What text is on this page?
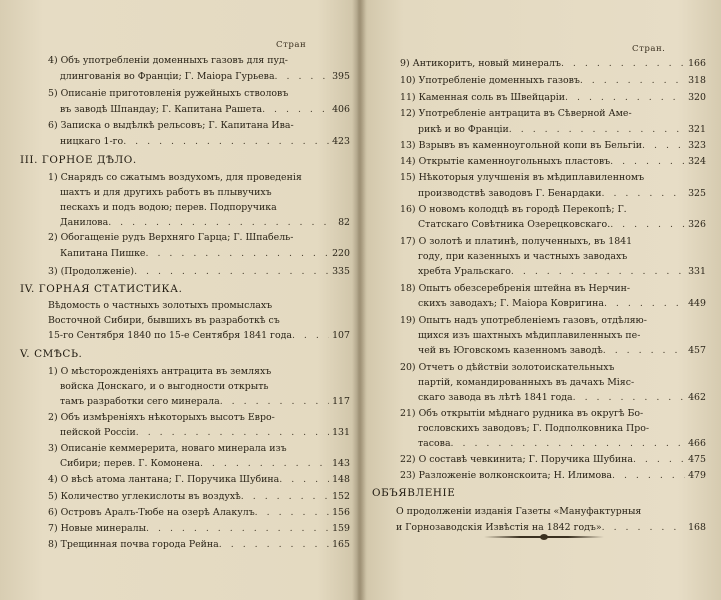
Стран
4) Объ употребленіи доменныхъ газовъ для пуд-
длингованія во Франціи; Г. Маіора Гурьева . . .	395
5) Описаніе приготовленія ружейныхъ стволовъ
въ заводѣ Шпандау; Г. Капитана Рашета . . .	406
6) Записка о выдѣлкѣ рельсовъ; Г. Капитана Ива-
ницкаго 1-го . . .	423
III. ГОРНОЕ ДѢЛО.
1) Снарядъ со сжатымъ воздухомъ, для проведенія
шахтъ и для другихъ работъ въ плывучихъ
пескахъ и подъ водою; перев. Подпоручика
Данилова . . .	82
2) Обогащеніе рудъ Верхняго Гарца; Г. Шпабель-
Капитана Пишке . . .	220
3) (Продолженіе) . . .	335
IV. ГОРНАЯ СТАТИСТИКА.
Вѣдомость о частныхъ золотыхъ промыслахъ
Восточной Сибири, бывшихъ въ разработкѣ съ
15-го Сентября 1840 по 15-е Сентября 1841 года . . .	107
V. СМѢСЬ.
1) О мѣсторожденіяхъ антрацита въ земляхъ
войска Донскаго, и о выгодности открыть
тамъ разработки сего минерала . . .	117
2) Объ измѣреніяхъ нѣкоторыхъ высотъ Евро-
пейской Россіи . . .	131
3) Описаніе кеммерерита, новаго минерала изъ
Сибири; перев. Г. Комонена . . .	143
4) О вѣсѣ атома лантана; Г. Поручика Шубина . . .	148
5) Количество углекислоты въ воздухѣ . . .	152
6) Островъ Аралъ-Тюбе на озерѣ Алакулъ . . .	156
7) Новые минералы . . .	159
8) Трещинная почва города Рейна . . .	165
Стран.
9) Антикоритъ, новый минералъ . . .	166
10) Употребленіе доменныхъ газовъ . . .	318
11) Каменная соль въ Швейцаріи . . .	320
12) Употребленіе антрацита въ Сѣверной Аме-
рикѣ и во Франціи . . .	321
13) Взрывъ въ каменноугольной копи въ Бельгіи . . .	323
14) Открытіе каменноугольныхъ пластовъ . . .	324
15) Нѣкоторыя улучшенія въ мѣдиплавиленномъ
производствѣ заводовъ Г. Бенардаки . . .	325
16) О новомъ колодцѣ въ городѣ Перекопѣ; Г.
Статскаго Совѣтника Озерецковскаго. . . .	326
17) О золотѣ и платинѣ, полученныхъ, въ 1841
году, при казенныхъ и частныхъ заводахъ
хребта Уральскаго . . .	331
18) Опытъ обезсеребренія штейна въ Нерчин-
скихъ заводахъ; Г. Маіора Ковригина . . .	449
19) Опытъ надъ употребленіемъ газовъ, отдѣляю-
щихся изъ шахтныхъ мѣдиплавиленныхъ пе-
чей въ Юговскомъ казенномъ заводѣ . . .	457
20) Отчетъ о дѣйствіи золотоискательныхъ
партій, командированныхъ въ дачахъ Міяс-
скаго завода въ лѣтѣ 1841 года . . .	462
21) Объ открытіи мѣднаго рудника въ округѣ Бо-
гословскихъ заводовъ; Г. Подполковника Про-
тасова . . .	466
22) О составѣ чевкинита; Г. Поручика Шубина . . .	475
23) Разложеніе волконскоита; Н. Илимова . . .	479
ОБЪЯВЛЕНІЕ
О продолженіи изданія Газеты «Мануфактурныя
и Горнозаводскія Извѣстія на 1842 годъ» . . .	168
